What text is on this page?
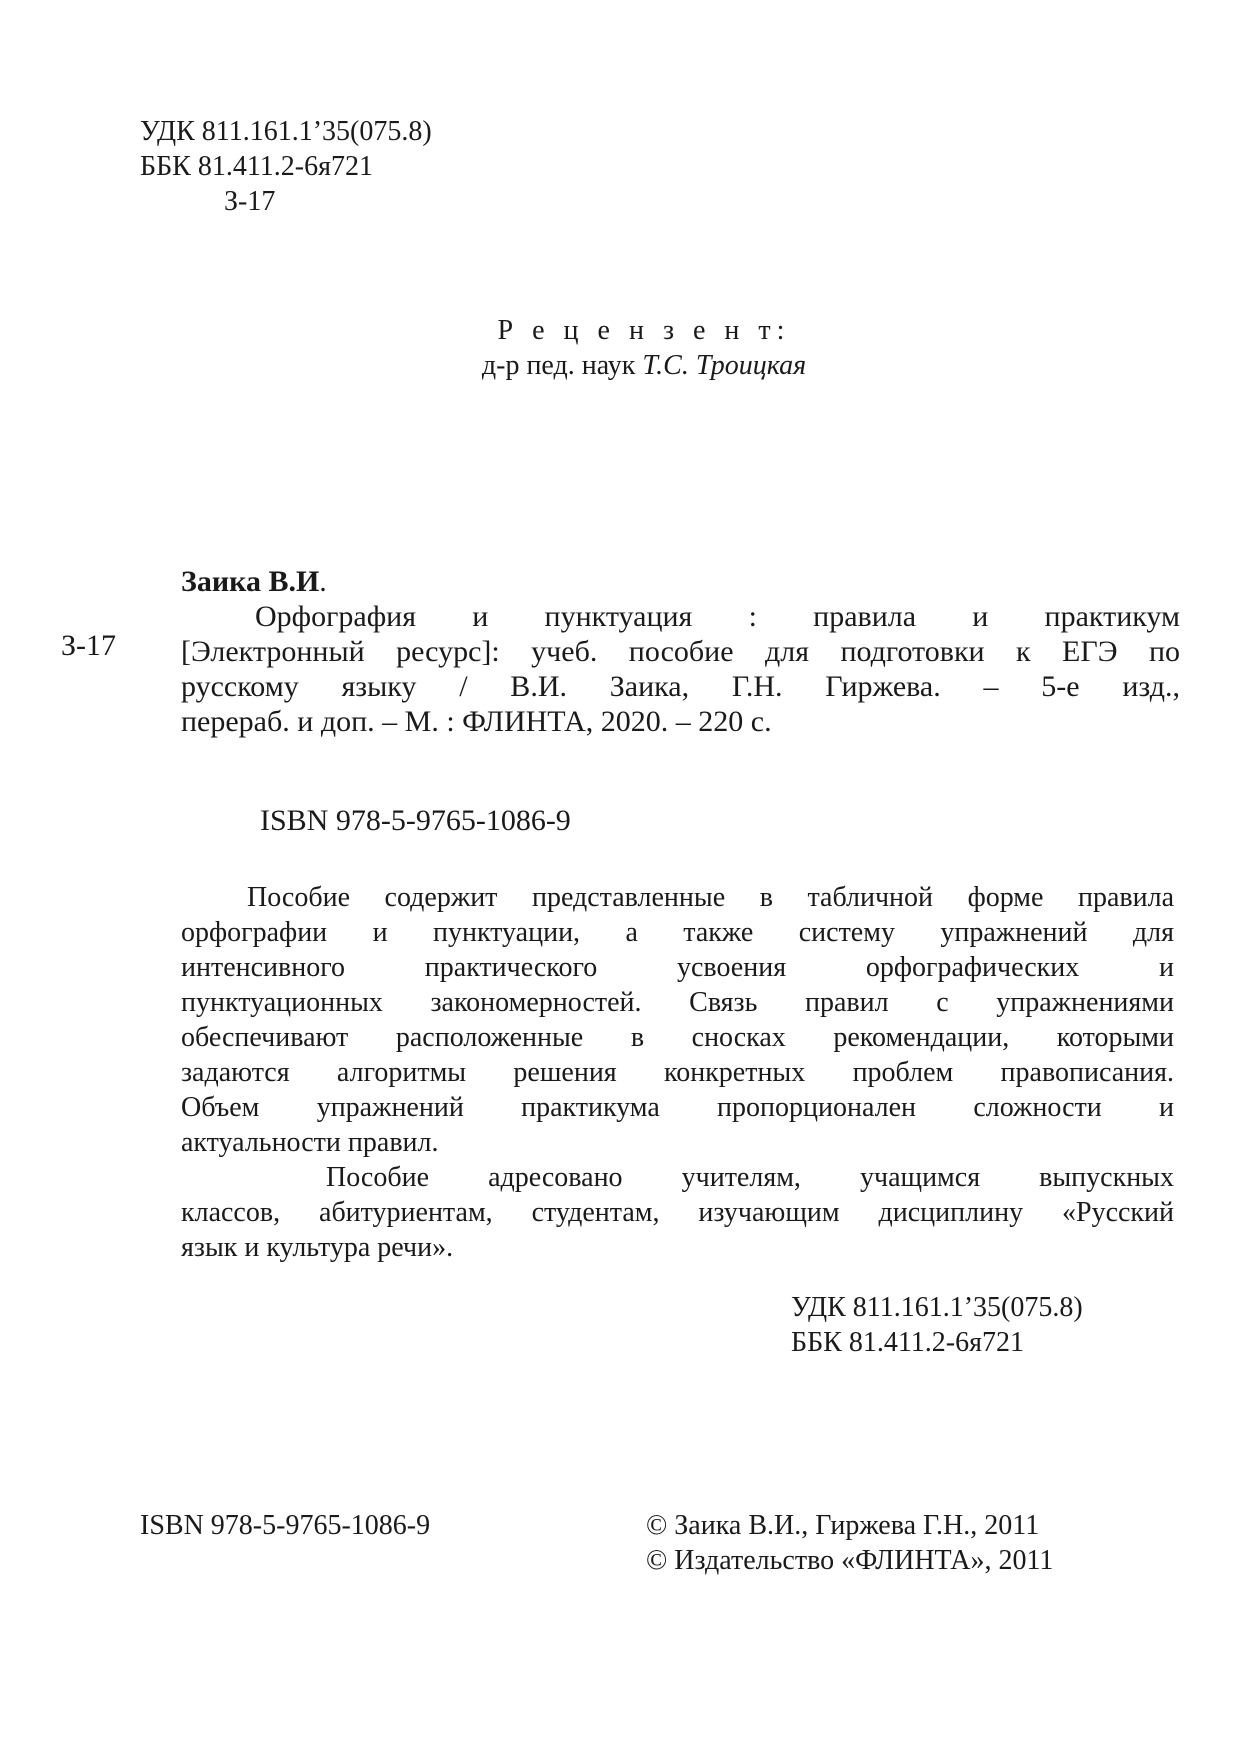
УДК 811.161.1’35(075.8)
ББК 81.411.2-6я721
З-17
Р е ц е н з е н т:
д-р пед. наук Т.С. Троицкая
З-17
Заика В.И.
Орфография и пунктуация : правила и практикум
[Электронный ресурс]: учеб. пособие для подготовки к ЕГЭ по
русскому языку / В.И. Заика, Г.Н. Гиржева. – 5-е изд.,
перераб. и доп. – М. : ФЛИНТА, 2020. – 220 с.
ISBN 978-5-9765-1086-9
Пособие содержит представленные в табличной форме правила
орфографии и пунктуации, а также систему упражнений для
интенсивного практического усвоения орфографических и
пунктуационных закономерностей. Связь правил с упражнениями
обеспечивают расположенные в сносках рекомендации, которыми
задаются алгоритмы решения конкретных проблем правописания.
Объем упражнений практикума пропорционален сложности и
актуальности правил.
Пособие адресовано учителям, учащимся выпускных
классов, абитуриентам, студентам, изучающим дисциплину «Русский
язык и культура речи».
УДК 811.161.1’35(075.8)
ББК 81.411.2-6я721
ISBN 978-5-9765-1086-9	© Заика В.И., Гиржева Г.Н., 2011
© Издательство «ФЛИНТА», 2011
